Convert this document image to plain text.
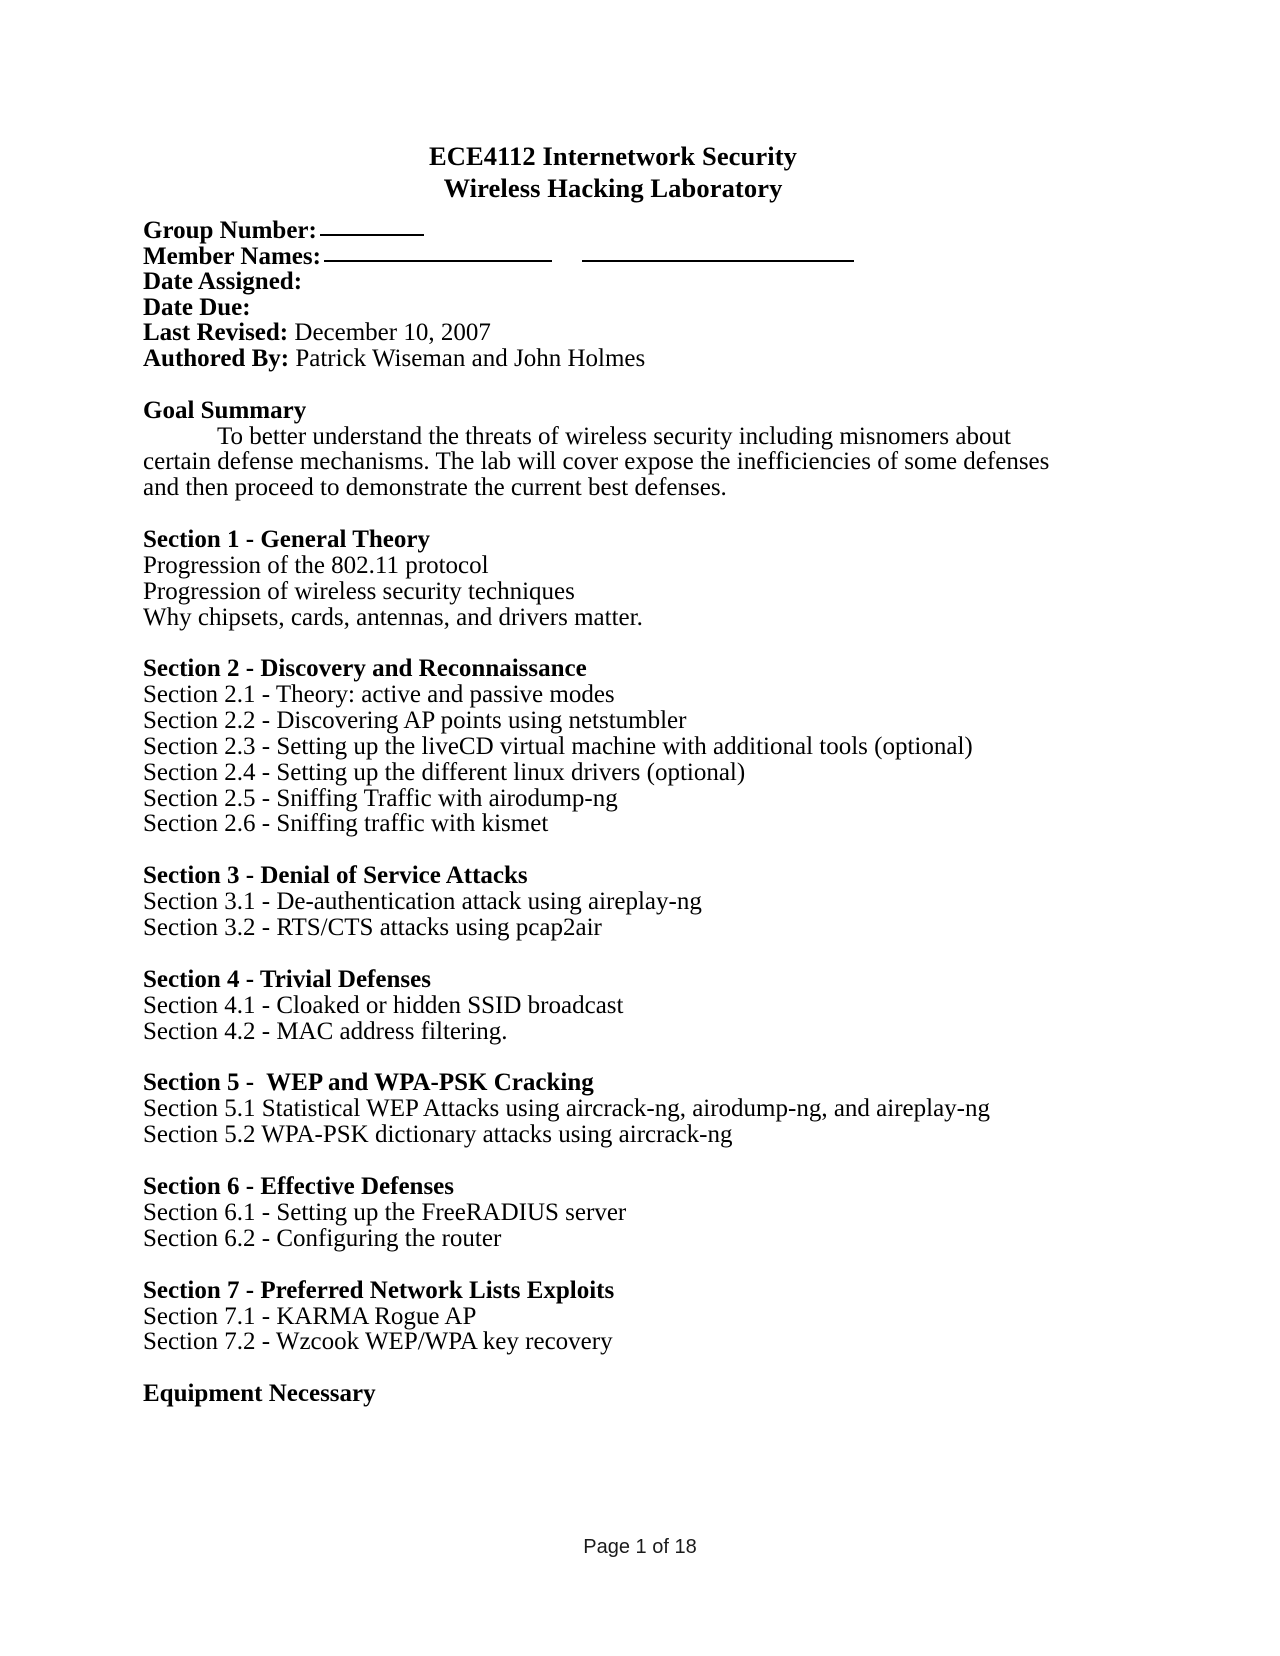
ECE4112 Internetwork Security
Wireless Hacking Laboratory
Group Number:
Member Names:
Date Assigned:
Date Due:
Last Revised: December 10, 2007
Authored By: Patrick Wiseman and John Holmes
Goal Summary

To better understand the threats of wireless security including misnomers about certain defense mechanisms. The lab will cover expose the inefficiencies of some defenses and then proceed to demonstrate the current best defenses.

Section 1 - General Theory

Progression of the 802.11 protocol

Progression of wireless security techniques

Why chipsets, cards, antennas, and drivers matter.

Section 2 - Discovery and Reconnaissance

Section 2.1 - Theory: active and passive modes

Section 2.2 - Discovering AP points using netstumbler

Section 2.3 - Setting up the liveCD virtual machine with additional tools (optional)

Section 2.4 - Setting up the different linux drivers (optional)

Section 2.5 - Sniffing Traffic with airodump-ng

Section 2.6 - Sniffing traffic with kismet

Section 3 - Denial of Service Attacks

Section 3.1 - De-authentication attack using aireplay-ng

Section 3.2 - RTS/CTS attacks using pcap2air

Section 4 - Trivial Defenses

Section 4.1 - Cloaked or hidden SSID broadcast

Section 4.2 - MAC address filtering.

Section 5 -  WEP and WPA-PSK Cracking

Section 5.1 Statistical WEP Attacks using aircrack-ng, airodump-ng, and aireplay-ng

Section 5.2 WPA-PSK dictionary attacks using aircrack-ng

Section 6 - Effective Defenses

Section 6.1 - Setting up the FreeRADIUS server

Section 6.2 - Configuring the router

Section 7 - Preferred Network Lists Exploits

Section 7.1 - KARMA Rogue AP

Section 7.2 - Wzcook WEP/WPA key recovery

Equipment Necessary
Page 1 of 18
